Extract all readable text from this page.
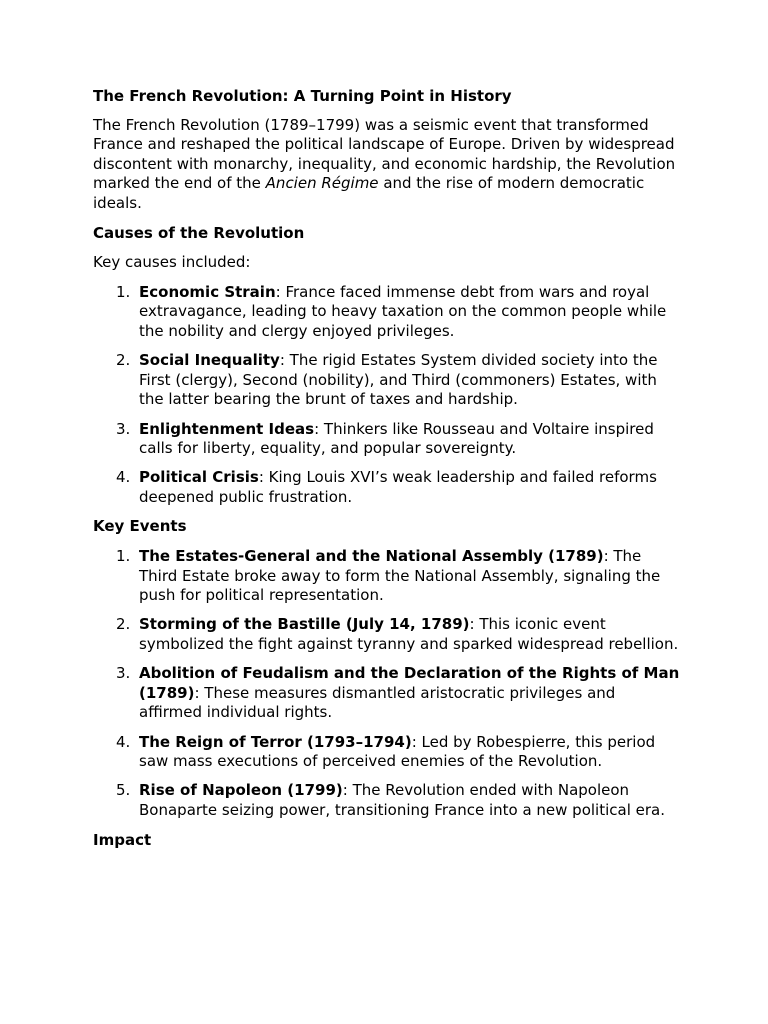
The French Revolution: A Turning Point in History

The French Revolution (1789–1799) was a seismic event that transformed France and reshaped the political landscape of Europe. Driven by widespread discontent with monarchy, inequality, and economic hardship, the Revolution marked the end of the Ancien Régime and the rise of modern democratic ideals.

Causes of the Revolution

Key causes included:

1. Economic Strain: France faced immense debt from wars and royal extravagance, leading to heavy taxation on the common people while the nobility and clergy enjoyed privileges.
2. Social Inequality: The rigid Estates System divided society into the First (clergy), Second (nobility), and Third (commoners) Estates, with the latter bearing the brunt of taxes and hardship.
3. Enlightenment Ideas: Thinkers like Rousseau and Voltaire inspired calls for liberty, equality, and popular sovereignty.
4. Political Crisis: King Louis XVI’s weak leadership and failed reforms deepened public frustration.
Key Events
1. The Estates-General and the National Assembly (1789): The Third Estate broke away to form the National Assembly, signaling the push for political representation.
2. Storming of the Bastille (July 14, 1789): This iconic event symbolized the fight against tyranny and sparked widespread rebellion.
3. Abolition of Feudalism and the Declaration of the Rights of Man (1789): These measures dismantled aristocratic privileges and affirmed individual rights.
4. The Reign of Terror (1793–1794): Led by Robespierre, this period saw mass executions of perceived enemies of the Revolution.
5. Rise of Napoleon (1799): The Revolution ended with Napoleon Bonaparte seizing power, transitioning France into a new political era.
Impact
